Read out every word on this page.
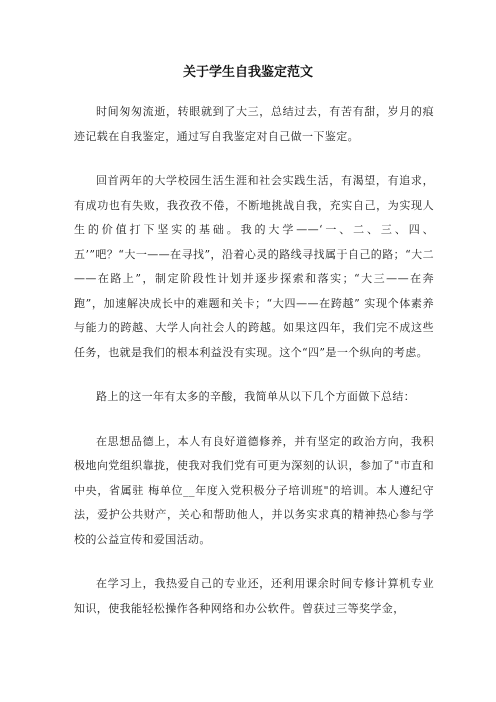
关于学生自我鉴定范文

时间匆匆流逝，转眼就到了大三，总结过去，有苦有甜，岁月的痕迹记载在自我鉴定，通过写自我鉴定对自己做一下鉴定。

回首两年的大学校园生活生涯和社会实践生活，有渴望，有追求，有成功也有失败，我孜孜不倦，不断地挑战自我，充实自己，为实现人生的价值打下坚实的基础。我的大学——‘一、二、三、四、五’”吧？“大一——在寻找”，沿着心灵的路线寻找属于自己的路；“大二——在路上”，制定阶段性计划并逐步探索和落实；“大三——在奔跑”，加速解决成长中的难题和关卡；“大四——在跨越” 实现个体素养与能力的跨越、大学人向社会人的跨越。如果这四年，我们完不成这些任务，也就是我们的根本利益没有实现。这个“四”是一个纵向的考虑。

路上的这一年有太多的辛酸，我简单从以下几个方面做下总结：

在思想品德上，本人有良好道德修养，并有坚定的政治方向，我积极地向党组织靠拢，使我对我们党有可更为深刻的认识，参加了"市直和中央，省属驻 梅单位__年度入党积极分子培训班"的培训。本人遵纪守法，爱护公共财产，关心和帮助他人，并以务实求真的精神热心参与学校的公益宣传和爱国活动。

在学习上，我热爱自己的专业还，还利用课余时间专修计算机专业知识，使我能轻松操作各种网络和办公软件。曾获过三等奖学金，
